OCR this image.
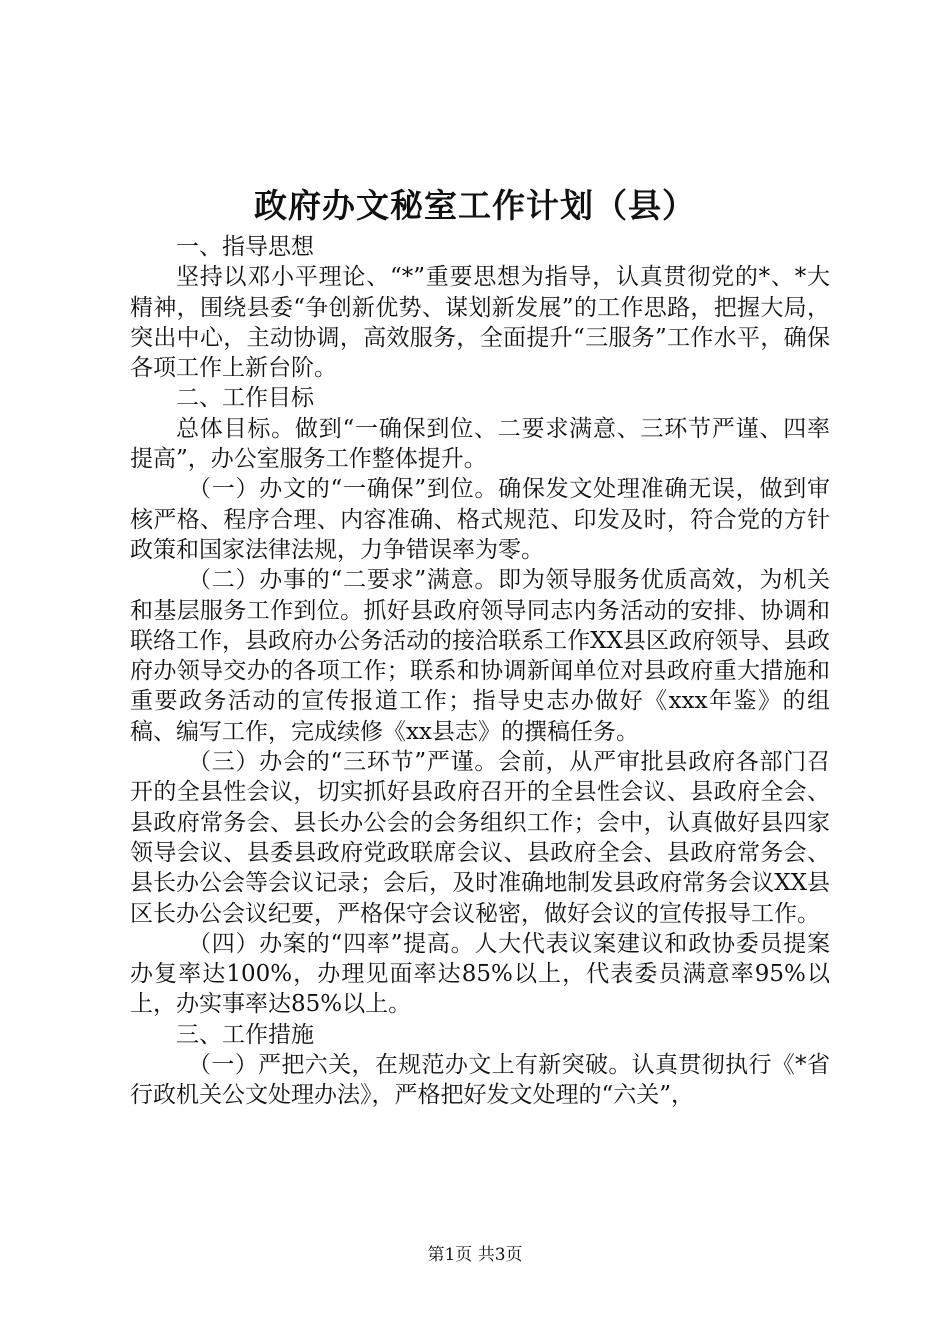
政府办文秘室工作计划（县）

一、指导思想

坚持以邓小平理论、“*”重要思想为指导，认真贯彻党的*、*大精神，围绕县委“争创新优势、谋划新发展”的工作思路，把握大局，突出中心，主动协调，高效服务，全面提升“三服务”工作水平，确保各项工作上新台阶。

二、工作目标

总体目标。做到“一确保到位、二要求满意、三环节严谨、四率提高”，办公室服务工作整体提升。

（一）办文的“一确保”到位。确保发文处理准确无误，做到审核严格、程序合理、内容准确、格式规范、印发及时，符合党的方针政策和国家法律法规，力争错误率为零。

（二）办事的“二要求”满意。即为领导服务优质高效，为机关和基层服务工作到位。抓好县政府领导同志内务活动的安排、协调和联络工作，县政府办公务活动的接洽联系工作XX县区政府领导、县政府办领导交办的各项工作；联系和协调新闻单位对县政府重大措施和重要政务活动的宣传报道工作；指导史志办做好《xxx年鉴》的组稿、编写工作，完成续修《xx县志》的撰稿任务。

（三）办会的“三环节”严谨。会前，从严审批县政府各部门召开的全县性会议，切实抓好县政府召开的全县性会议、县政府全会、县政府常务会、县长办公会的会务组织工作；会中，认真做好县四家领导会议、县委县政府党政联席会议、县政府全会、县政府常务会、县长办公会等会议记录；会后，及时准确地制发县政府常务会议XX县区长办公会议纪要，严格保守会议秘密，做好会议的宣传报导工作。

（四）办案的“四率”提高。人大代表议案建议和政协委员提案办复率达100%，办理见面率达85%以上，代表委员满意率95%以上，办实事率达85%以上。

三、工作措施

（一）严把六关，在规范办文上有新突破。认真贯彻执行《*省行政机关公文处理办法》，严格把好发文处理的“六关”，

第1页 共3页
